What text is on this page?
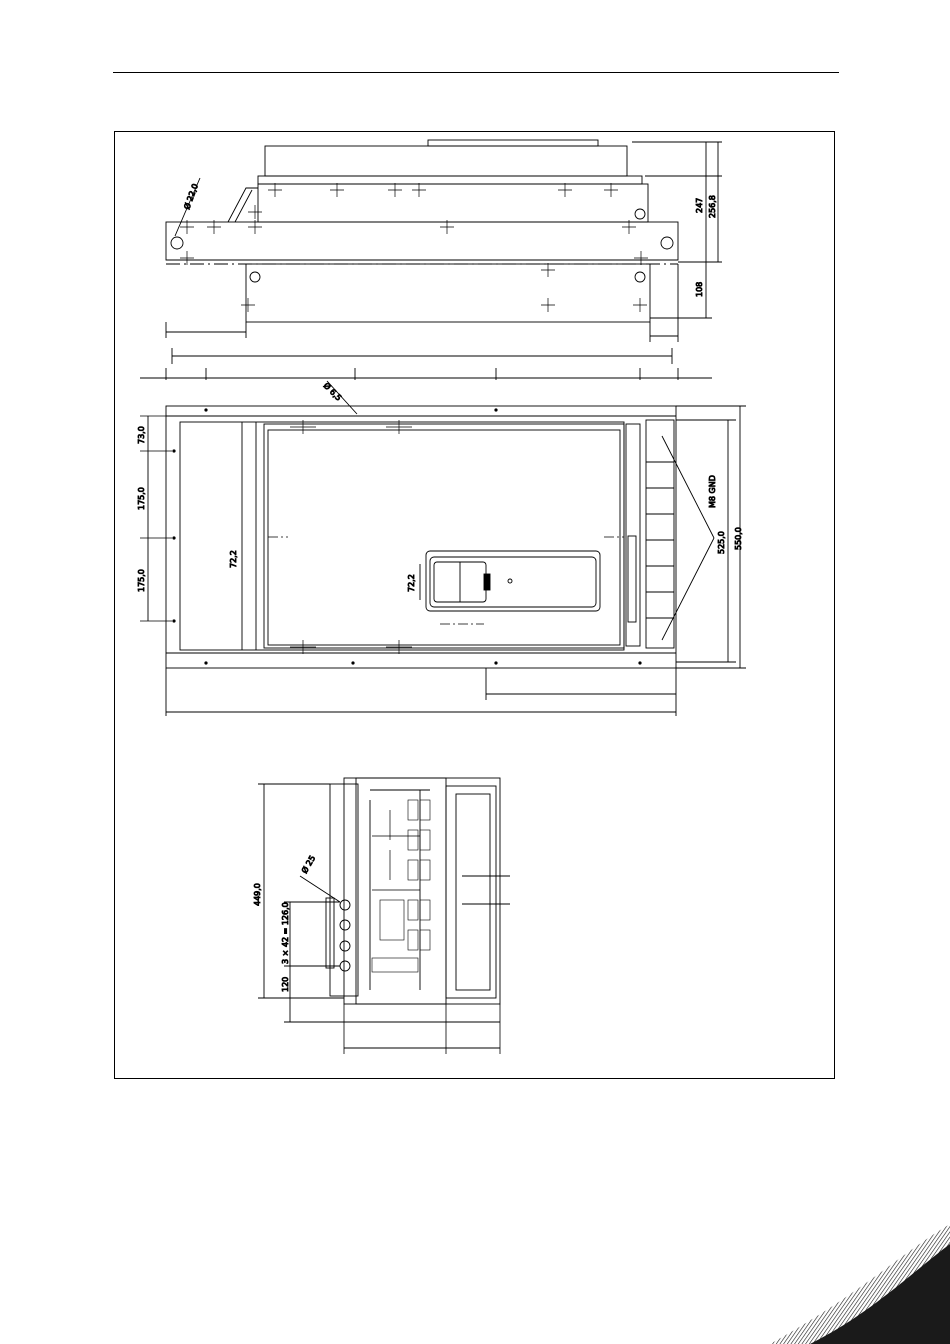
Ø 22,0	247 256,8
108
Ø 6,5
73,0
175,0
175,0
72,2
72,2
M8 GND
525,0 550,0
Ø 25
449,0
3 × 42 = 126,0
120
